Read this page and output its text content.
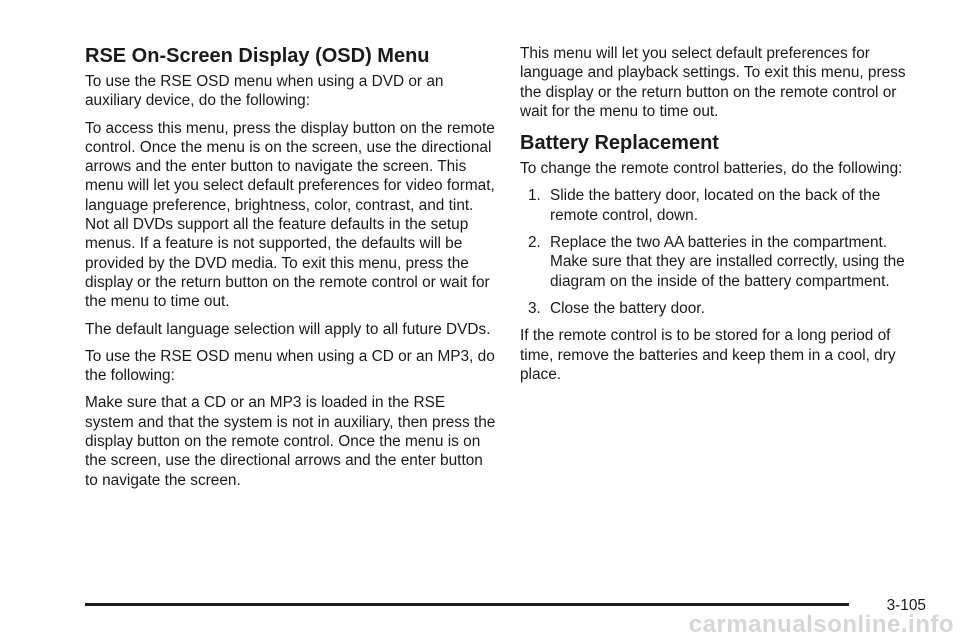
RSE On-Screen Display (OSD) Menu

To use the RSE OSD menu when using a DVD or an auxiliary device, do the following:

To access this menu, press the display button on the remote control. Once the menu is on the screen, use the directional arrows and the enter button to navigate the screen. This menu will let you select default preferences for video format, language preference, brightness, color, contrast, and tint. Not all DVDs support all the feature defaults in the setup menus. If a feature is not supported, the defaults will be provided by the DVD media. To exit this menu, press the display or the return button on the remote control or wait for the menu to time out.

The default language selection will apply to all future DVDs.

To use the RSE OSD menu when using a CD or an MP3, do the following:

Make sure that a CD or an MP3 is loaded in the RSE system and that the system is not in auxiliary, then press the display button on the remote control. Once the menu is on the screen, use the directional arrows and the enter button to navigate the screen.

This menu will let you select default preferences for language and playback settings. To exit this menu, press the display or the return button on the remote control or wait for the menu to time out.

Battery Replacement

To change the remote control batteries, do the following:

1. Slide the battery door, located on the back of the remote control, down.
2. Replace the two AA batteries in the compartment. Make sure that they are installed correctly, using the diagram on the inside of the battery compartment.
3. Close the battery door.

If the remote control is to be stored for a long period of time, remove the batteries and keep them in a cool, dry place.

3-105
carmanualsonline.info
